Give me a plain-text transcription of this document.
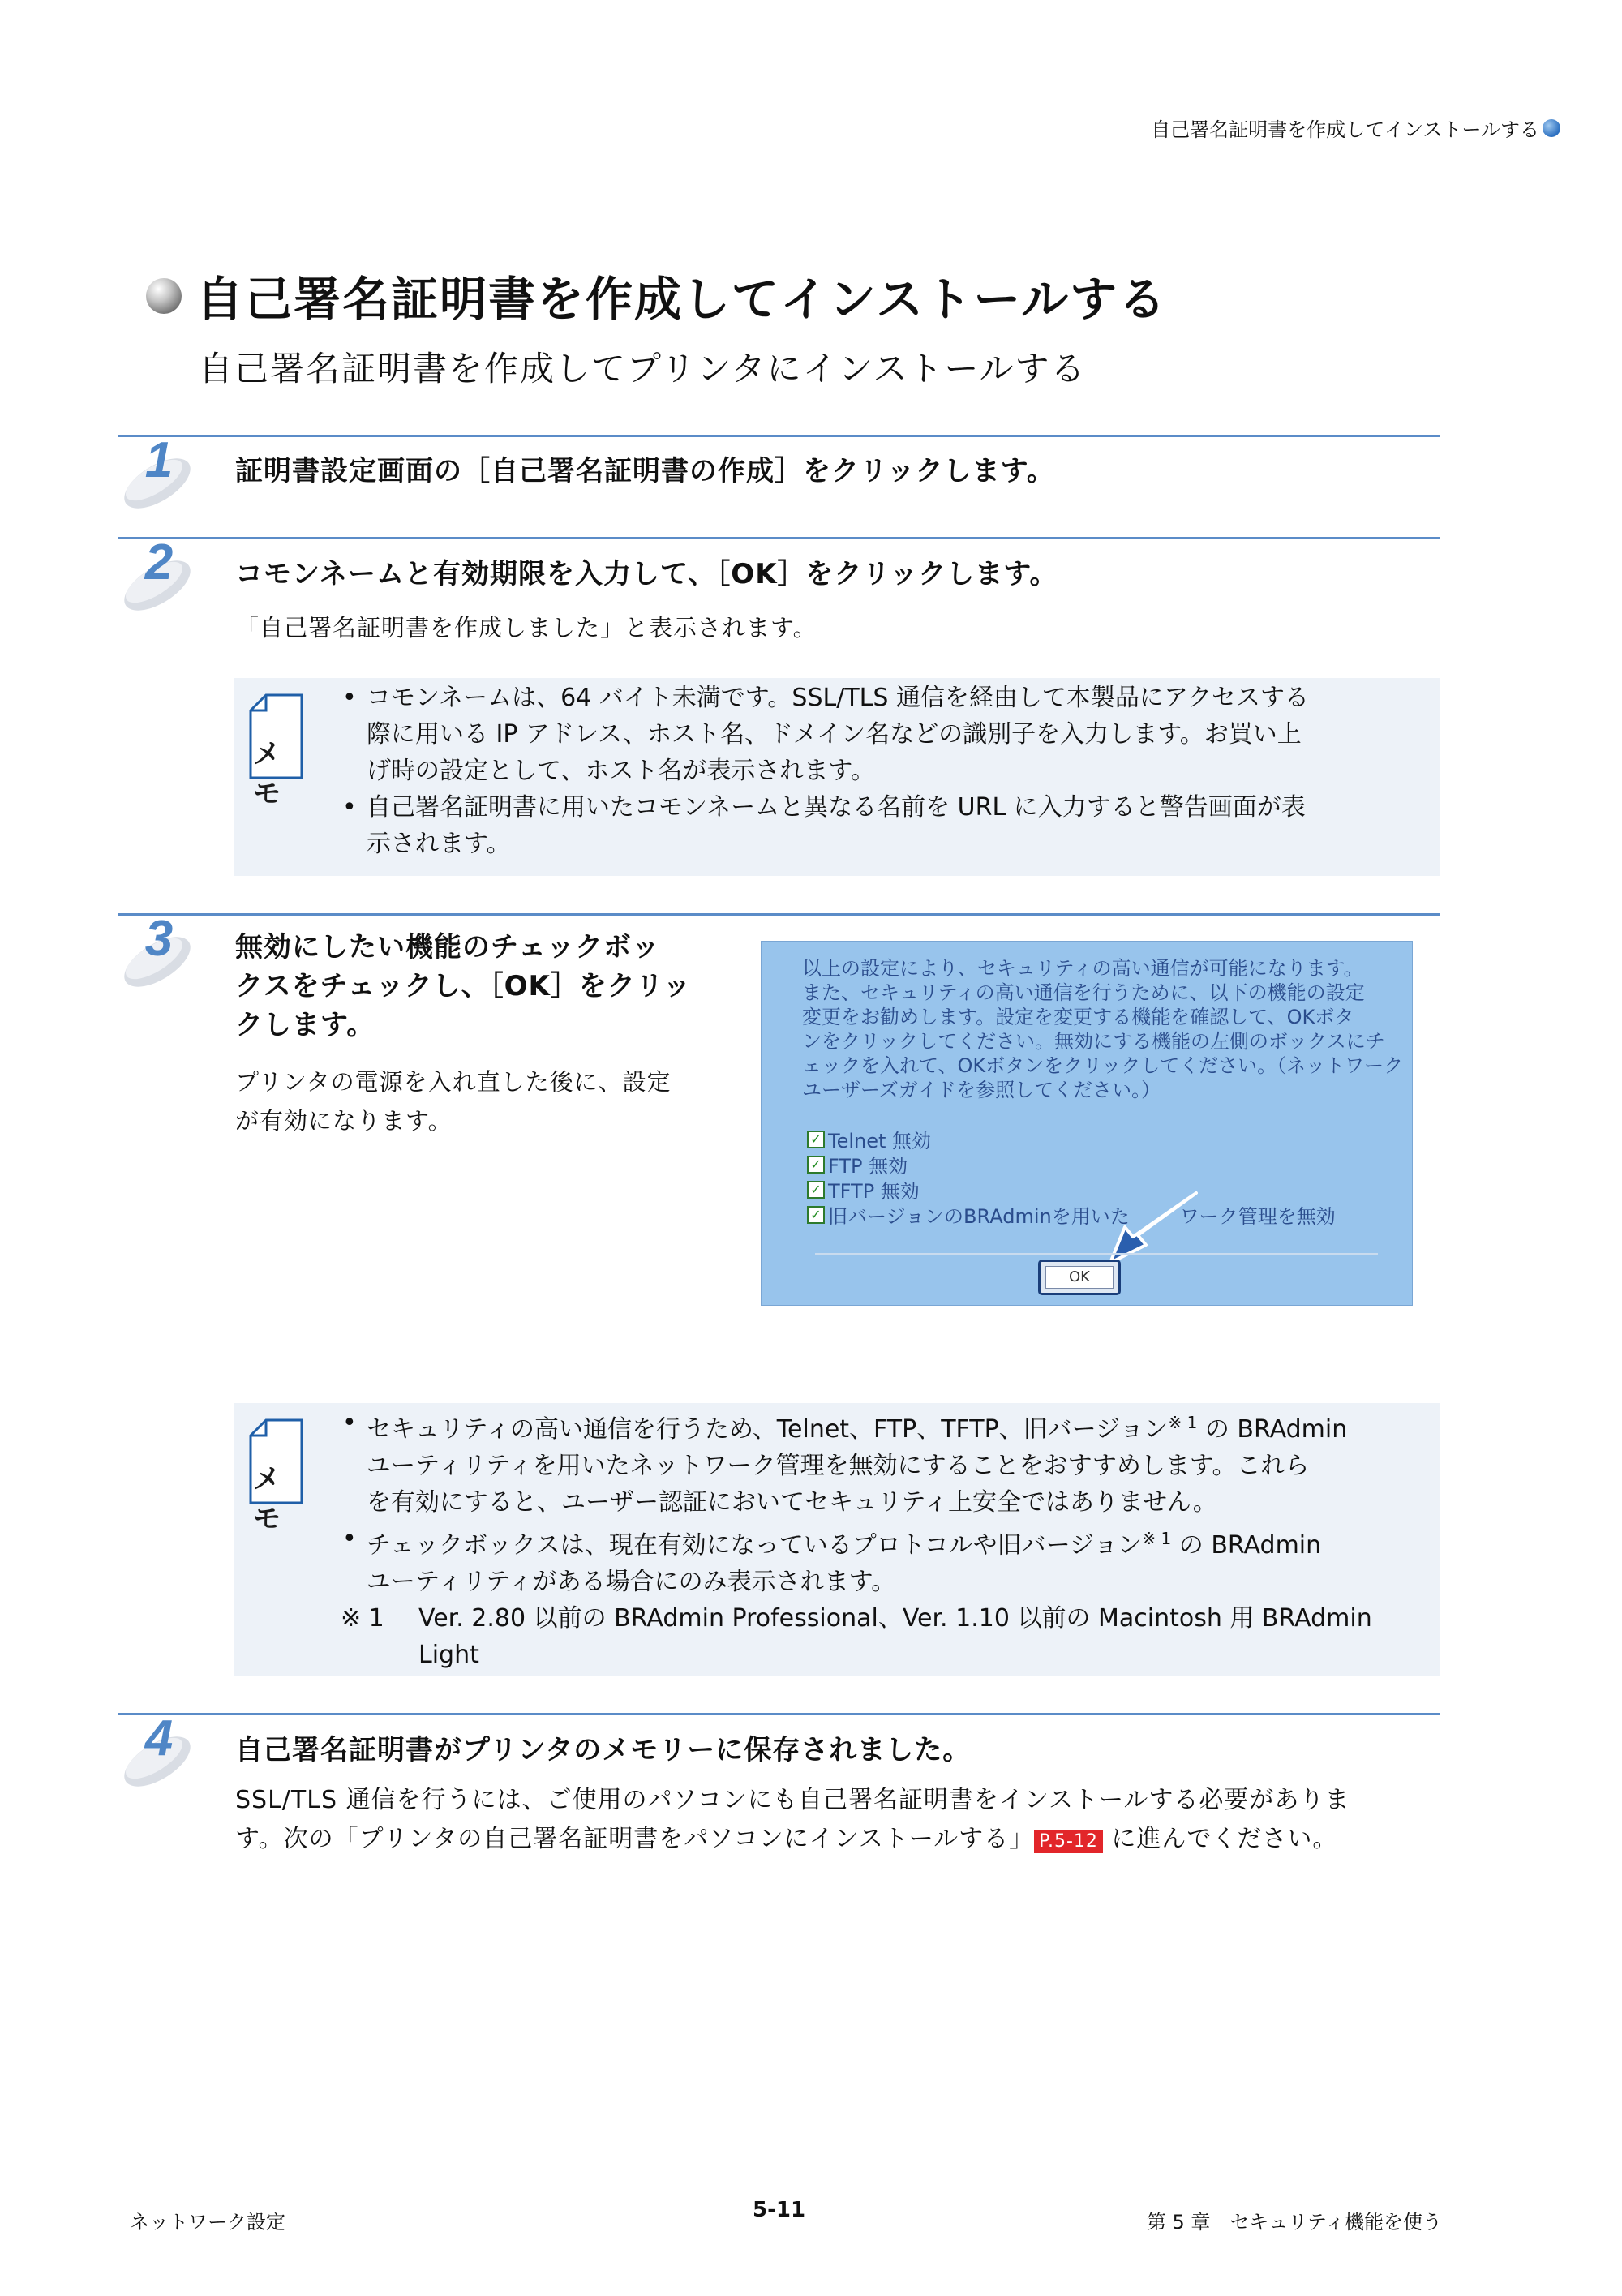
自己署名証明書を作成してインストールする
自己署名証明書を作成してインストールする
自己署名証明書を作成してプリンタにインストールする
1 証明書設定画面の［自己署名証明書の作成］をクリックします。
2 コモンネームと有効期限を入力して、［OK］をクリックします。
「自己署名証明書を作成しました」と表示されます。
メモ
• コモンネームは、64 バイト未満です。SSL/TLS 通信を経由して本製品にアクセスする
際に用いる IP アドレス、ホスト名、ドメイン名などの識別子を入力します。お買い上
げ時の設定として、ホスト名が表示されます。
• 自己署名証明書に用いたコモンネームと異なる名前を URL に入力すると警告画面が表
示されます。
3 無効にしたい機能のチェックボッ
クスをチェックし、［OK］をクリッ
クします。
プリンタの電源を入れ直した後に、設定
が有効になります。
以上の設定により、セキュリティの高い通信が可能になります。
また、セキュリティの高い通信を行うために、以下の機能の設定
変更をお勧めします。設定を変更する機能を確認して、OKボタ
ンをクリックしてください。無効にする機能の左側のボックスにチ
ェックを入れて、OKボタンをクリックしてください。（ネットワーク
ユーザーズガイドを参照してください。）
✓ Telnet 無効
✓ FTP 無効
✓ TFTP 無効
✓ 旧バージョンのBRAdminを用いた	ワーク管理を無効
OK
メモ
• セキュリティの高い通信を行うため、Telnet、FTP、TFTP、旧バージョン$^{※ 1}$ の BRAdmin
ユーティリティを用いたネットワーク管理を無効にすることをおすすめします。これら
を有効にすると、ユーザー認証においてセキュリティ上安全ではありません。
• チェックボックスは、現在有効になっているプロトコルや旧バージョン$^{※ 1}$ の BRAdmin
ユーティリティがある場合にのみ表示されます。
※ 1 Ver. 2.80 以前の BRAdmin Professional、Ver. 1.10 以前の Macintosh 用 BRAdmin
Light
4 自己署名証明書がプリンタのメモリーに保存されました。
SSL/TLS 通信を行うには、ご使用のパソコンにも自己署名証明書をインストールする必要がありま
す。次の「プリンタの自己署名証明書をパソコンにインストールする」 P.5-12 に進んでください。
ネットワーク設定	5-11	第 5 章　セキュリティ機能を使う
